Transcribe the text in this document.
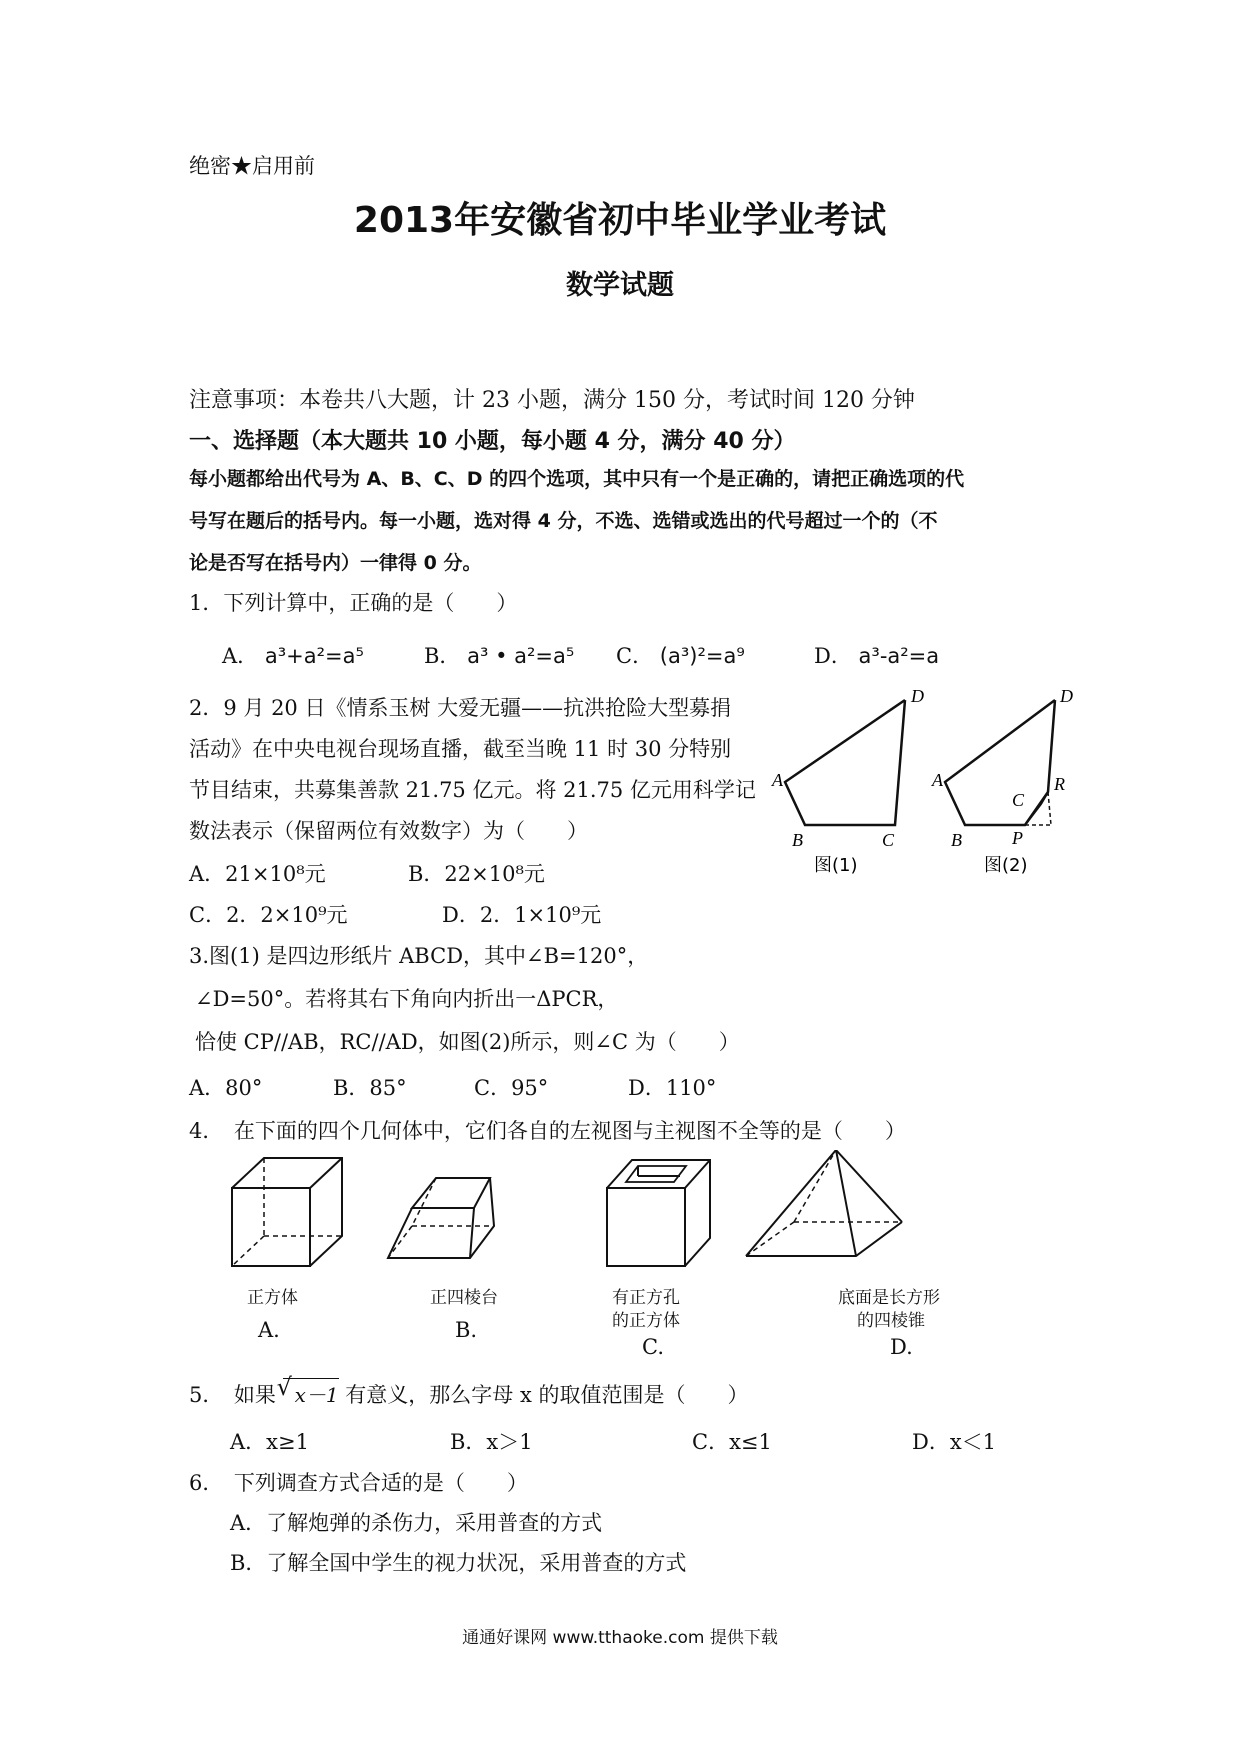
绝密★启用前
2013年安徽省初中毕业学业考试
数学试题
注意事项：本卷共八大题，计 23 小题，满分 150 分，考试时间 120 分钟
一、选择题（本大题共 10 小题，每小题 4 分，满分 40 分）
每小题都给出代号为 A、B、C、D 的四个选项，其中只有一个是正确的，请把正确选项的代
号写在题后的括号内。每一小题，选对得 4 分，不选、选错或选出的代号超过一个的（不
论是否写在括号内）一律得 0 分。
1．下列计算中，正确的是（　　）
A． a³+a²=a⁵	B． a³ • a²=a⁵ C． (a³)²=a⁹	D． a³-a²=a
2．9 月 20 日《情系玉树 大爱无疆——抗洪抢险大型募捐
活动》在中央电视台现场直播，截至当晚 11 时 30 分特别
节目结束，共募集善款 21.75 亿元。将 21.75 亿元用科学记
数法表示（保留两位有效数字）为（　　）
A．21×10⁸元	B．22×10⁸元
C．2．2×10⁹元	D．2．1×10⁹元
A
B	C
D
图(1)
A
B
C
P
R
D
图(2)
3.图(1) 是四边形纸片 ABCD，其中∠B=120°，
∠D=50°。若将其右下角向内折出一ΔPCR，
恰使 CP//AB，RC//AD，如图(2)所示，则∠C 为（　　）
A．80°	B．85°	C．95°	D．110°
4．　在下面的四个几何体中，它们各自的左视图与主视图不全等的是（　　）
正方体
A.
正四棱台
B.
有正方孔
的正方体
C.
底面是长方形
的四棱锥
D.
5．　如果 √ x－1 有意义，那么字母 x 的取值范围是（　　）
A．x≥1	B．x＞1	C．x≤1	D．x＜1
6．　下列调查方式合适的是（　　）
A．了解炮弹的杀伤力，采用普查的方式
B．了解全国中学生的视力状况，采用普查的方式
通通好课网 www.tthaoke.com 提供下载
